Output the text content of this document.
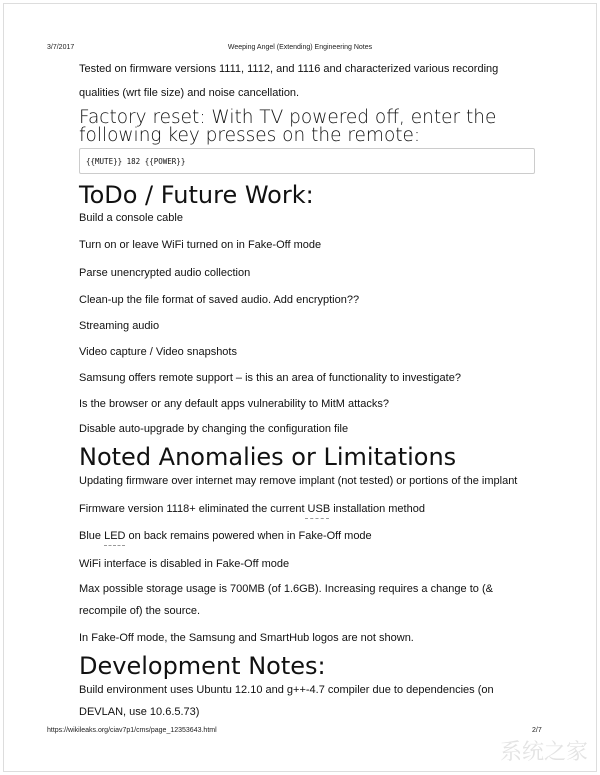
3/7/2017	Weeping Angel (Extending) Engineering Notes
Tested on firmware versions 1111, 1112, and 1116 and characterized various recording
qualities (wrt file size) and noise cancellation.
Factory reset: With TV powered off, enter the
following key presses on the remote:
{{MUTE}} 182 {{POWER}}
ToDo / Future Work:
Build a console cable
Turn on or leave WiFi turned on in Fake-Off mode
Parse unencrypted audio collection
Clean-up the file format of saved audio. Add encryption??
Streaming audio
Video capture / Video snapshots
Samsung offers remote support – is this an area of functionality to investigate?
Is the browser or any default apps vulnerability to MitM attacks?
Disable auto-upgrade by changing the configuration file
Noted Anomalies or Limitations
Updating firmware over internet may remove implant (not tested) or portions of the implant
Firmware version 1118+ eliminated the current USB installation method
Blue LED on back remains powered when in Fake-Off mode
WiFi interface is disabled in Fake-Off mode
Max possible storage usage is 700MB (of 1.6GB). Increasing requires a change to (&
recompile of) the source.
In Fake-Off mode, the Samsung and SmartHub logos are not shown.
Development Notes:
Build environment uses Ubuntu 12.10 and g++-4.7 compiler due to dependencies (on
DEVLAN, use 10.6.5.73)
https://wikileaks.org/ciav7p1/cms/page_12353643.html	2/7
系统之家
